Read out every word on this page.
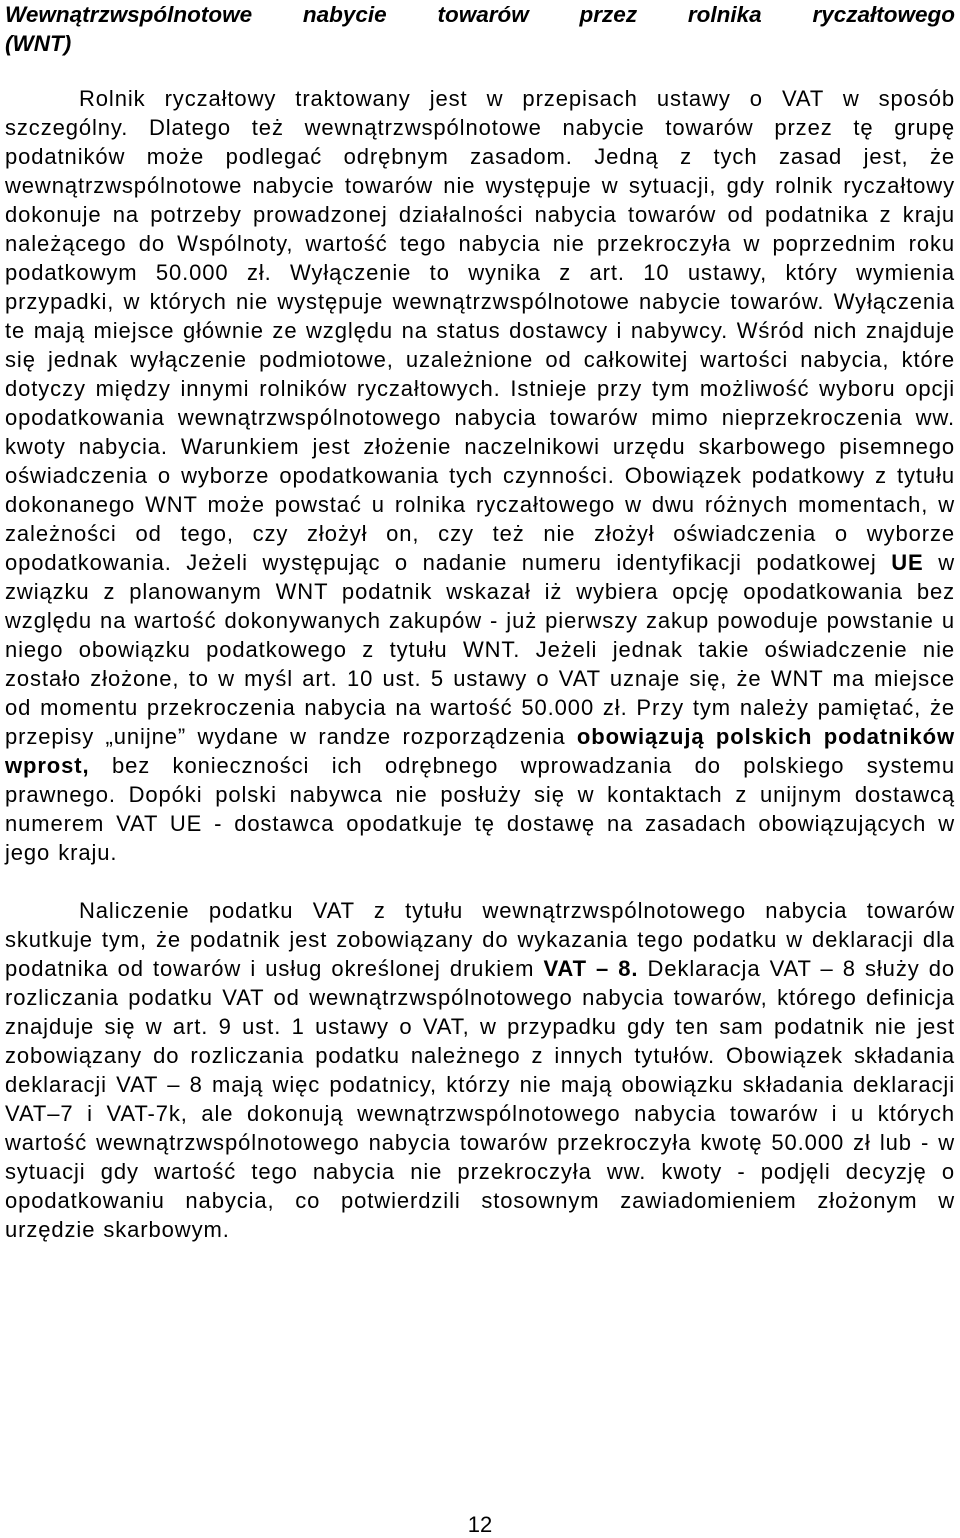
Wewnątrzwspólnotowe nabycie towarów przez rolnika ryczałtowego

(WNT)

Rolnik ryczałtowy traktowany jest w przepisach ustawy o VAT w sposób szczególny. Dlatego też wewnątrzwspólnotowe nabycie towarów przez tę grupę podatników może podlegać odrębnym zasadom. Jedną z tych zasad jest, że wewnątrzwspólnotowe nabycie towarów nie występuje w sytuacji, gdy rolnik ryczałtowy dokonuje na potrzeby prowadzonej działalności nabycia towarów od podatnika z kraju należącego do Wspólnoty, wartość tego nabycia nie przekroczyła w poprzednim roku podatkowym 50.000 zł. Wyłączenie to wynika z art. 10 ustawy, który wymienia przypadki, w których nie występuje wewnątrzwspólnotowe nabycie towarów. Wyłączenia te mają miejsce głównie ze względu na status dostawcy i nabywcy. Wśród nich znajduje się jednak wyłączenie podmiotowe, uzależnione od całkowitej wartości nabycia, które dotyczy między innymi rolników ryczałtowych. Istnieje przy tym możliwość wyboru opcji opodatkowania wewnątrzwspólnotowego nabycia towarów mimo nieprzekroczenia ww. kwoty nabycia. Warunkiem jest złożenie naczelnikowi urzędu skarbowego pisemnego oświadczenia o wyborze opodatkowania tych czynności. Obowiązek podatkowy z tytułu dokonanego WNT może powstać u rolnika ryczałtowego w dwu różnych momentach, w zależności od tego, czy złożył on, czy też nie złożył oświadczenia o wyborze opodatkowania. Jeżeli występując o nadanie numeru identyfikacji podatkowej UE w związku z planowanym WNT podatnik wskazał iż wybiera opcję opodatkowania bez względu na wartość dokonywanych zakupów - już pierwszy zakup powoduje powstanie u niego obowiązku podatkowego z tytułu WNT. Jeżeli jednak takie oświadczenie nie zostało złożone, to w myśl art. 10 ust. 5 ustawy o VAT uznaje się, że WNT ma miejsce od momentu przekroczenia nabycia na wartość 50.000 zł. Przy tym należy pamiętać, że przepisy „unijne” wydane w randze rozporządzenia obowiązują polskich podatników wprost, bez konieczności ich odrębnego wprowadzania do polskiego systemu prawnego. Dopóki polski nabywca nie posłuży się w kontaktach z unijnym dostawcą numerem VAT UE - dostawca opodatkuje tę dostawę na zasadach obowiązujących w jego kraju.

Naliczenie podatku VAT z tytułu wewnątrzwspólnotowego nabycia towarów skutkuje tym, że podatnik jest zobowiązany do wykazania tego podatku w deklaracji dla podatnika od towarów i usług określonej drukiem VAT – 8. Deklaracja VAT – 8 służy do rozliczania podatku VAT od wewnątrzwspólnotowego nabycia towarów, którego definicja znajduje się w art. 9 ust. 1 ustawy o VAT, w przypadku gdy ten sam podatnik nie jest zobowiązany do rozliczania podatku należnego z innych tytułów. Obowiązek składania deklaracji VAT – 8 mają więc podatnicy, którzy nie mają obowiązku składania deklaracji VAT–7 i VAT-7k, ale dokonują wewnątrzwspólnotowego nabycia towarów i u których wartość wewnątrzwspólnotowego nabycia towarów przekroczyła kwotę 50.000 zł lub - w sytuacji gdy wartość tego nabycia nie przekroczyła ww. kwoty - podjęli decyzję o opodatkowaniu nabycia, co potwierdzili stosownym zawiadomieniem złożonym w urzędzie skarbowym.

12
